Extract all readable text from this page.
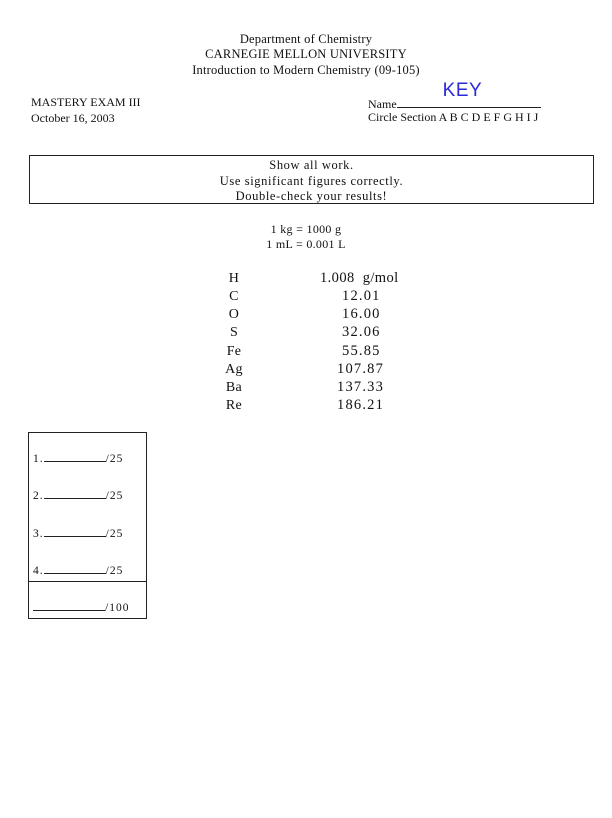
Department of Chemistry
CARNEGIE MELLON UNIVERSITY
Introduction to Modern Chemistry (09-105)
MASTERY EXAM III
October 16, 2003
Name
KEY
Circle Section A B C D E F G H I J
Show all work.
Use significant figures correctly.
Double-check your results!
1 kg = 1000 g
1 mL = 0.001 L
H	1.008 g/mol
C	12.01
O	16.00
S	32.06
Fe	55.85
Ag	107.87
Ba	137.33
Re	186.21
1.	/25
2.	/25
3.	/25
4.	/25
/100
